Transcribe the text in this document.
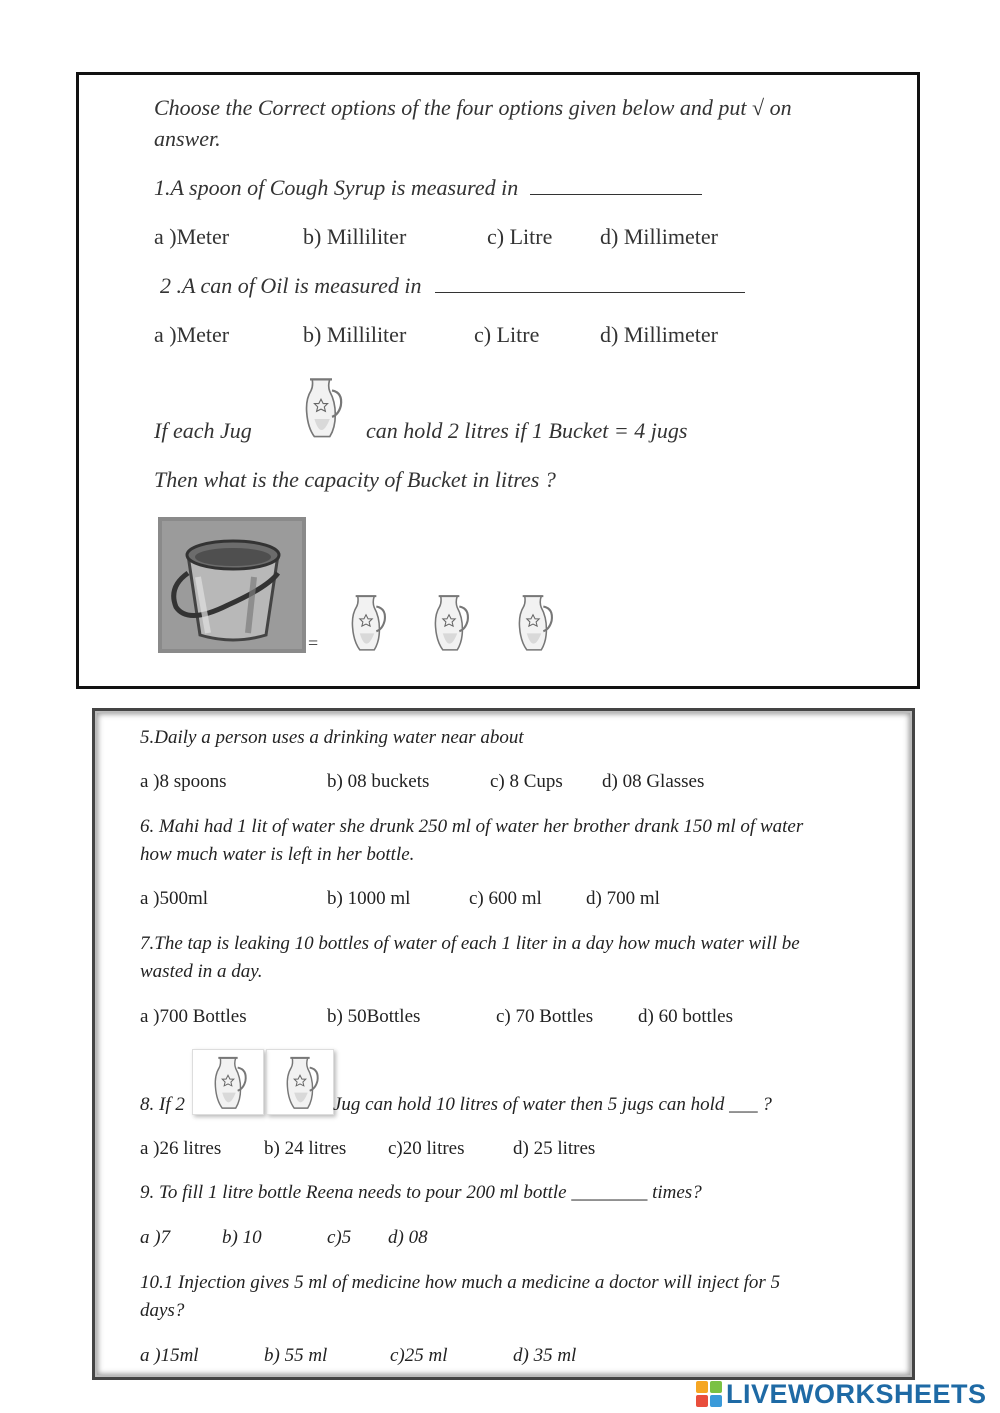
Choose the Correct options of the four options given below and put √ on
answer.
1.A spoon of Cough Syrup is measured in
a )Meter	b) Milliliter	c) Litre d) Millimeter
2 .A can of Oil is measured in
a )Meter	b) Milliliter	c) Litre	d) Millimeter
If each Jug	can hold 2 litres if 1 Bucket = 4 jugs
Then what is the capacity of Bucket in litres ?
=
5.Daily a person uses a drinking water near about
a )8 spoons	b) 08 buckets	c) 8 Cups d) 08 Glasses
6. Mahi had 1 lit of water she drunk 250 ml of water her brother drank 150 ml of water
how much water is left in her bottle.
a )500ml	b) 1000 ml	c) 600 ml d) 700 ml
7.The tap is leaking 10 bottles of water of each 1 liter in a day how much water will be
wasted in a day.
a )700 Bottles	b) 50Bottles	c) 70 Bottles d) 60 bottles
8. If 2	Jug can hold 10 litres of water then 5 jugs can hold ___ ?
a )26 litres b) 24 litres c)20 litres	d) 25 litres
9. To fill 1 litre bottle Reena needs to pour 200 ml bottle ________ times?
a )7	b) 10	c)5 d) 08
10.1 Injection gives 5 ml of medicine how much a medicine a doctor will inject for 5
days?
a )15ml	b) 55 ml	c)25 ml	d) 35 ml
LIVEWORKSHEETS
